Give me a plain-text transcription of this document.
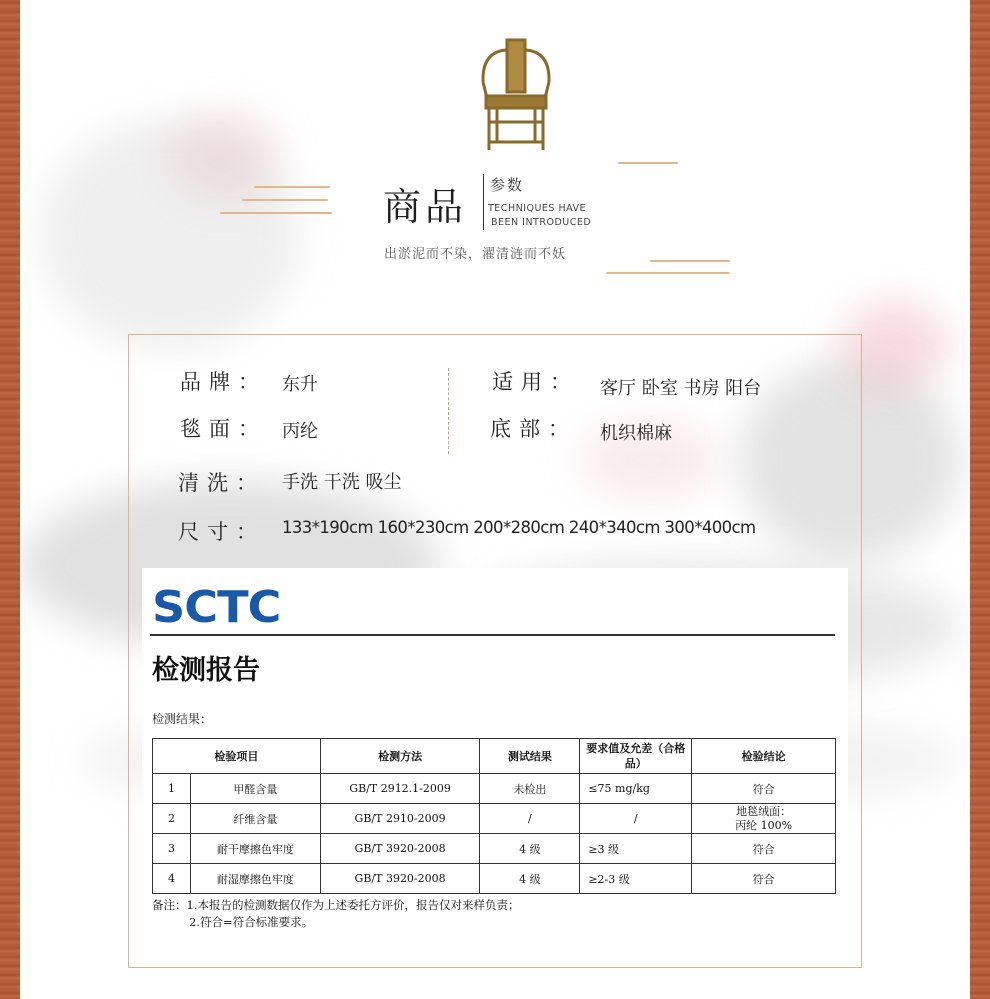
商品 参数
TECHNIQUES HAVE
BEEN INTRODUCED
出淤泥而不染，濯清涟而不妖
品牌： 东升	适用： 客厅 卧室 书房 阳台
毯面： 丙纶	底部： 机织棉麻
清洗： 手洗 干洗 吸尘
尺寸： 133*190cm 160*230cm 200*280cm 240*340cm 300*400cm
SCTC
检测报告
检测结果：
检验项目		检测方法	测试结果	要求值及允差（合格品）	检验结论
1	甲醛含量	GB/T 2912.1-2009	未检出	≤75 mg/kg	符合
2	纤维含量	GB/T 2910-2009	/	/	地毯绒面：
丙纶 100%

3	耐干摩擦色牢度	GB/T 3920-2008	4 级	≥3 级	符合
4	耐湿摩擦色牢度	GB/T 3920-2008	4 级	≥2-3 级	符合
备注：1.本报告的检测数据仅作为上述委托方评价，报告仅对来样负责；
2.符合=符合标准要求。
